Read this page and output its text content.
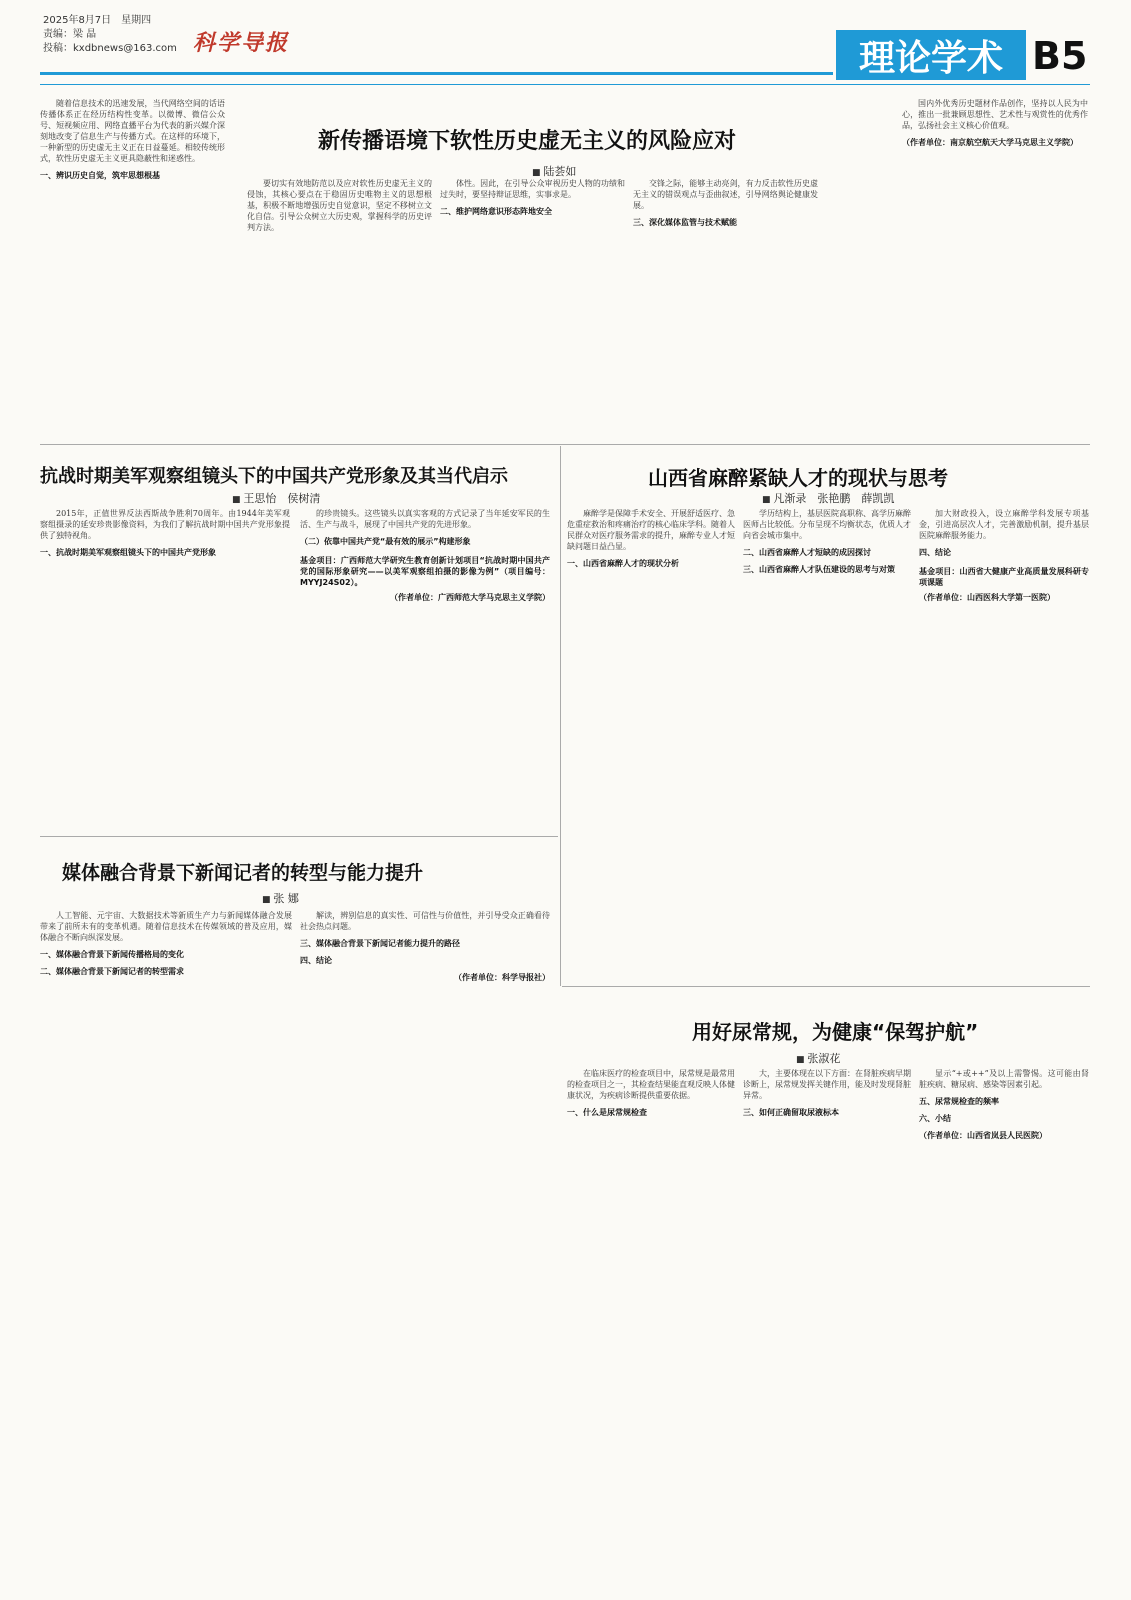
2025年8月7日　星期四
责编：梁 晶
投稿：kxdbnews@163.com 科学导报	理论学术 B5
新传播语境下软性历史虚无主义的风险应对
■ 陆荟如

随着信息技术的迅速发展，当代网络空间的话语传播体系正在经历结构性变革。以微博、微信公众号、短视频应用、网络直播平台为代表的新兴媒介深刻地改变了信息生产与传播方式。在这样的环境下，一种新型的历史虚无主义正在日益蔓延。相较传统形式，软性历史虚无主义更具隐蔽性和迷惑性。

一、辨识历史自觉，筑牢思想根基

要切实有效地防范以及应对软性历史虚无主义的侵蚀，其核心要点在于稳固历史唯物主义的思想根基，积极不断地增强历史自觉意识，坚定不移树立文化自信。引导公众树立大历史观，掌握科学的历史评判方法。

体性。因此，在引导公众审视历史人物的功绩和过失时，要坚持辩证思维，实事求是。

二、维护网络意识形态阵地安全

交锋之际，能够主动亮剑，有力反击软性历史虚无主义的错误观点与歪曲叙述，引导网络舆论健康发展。

三、深化媒体监管与技术赋能

国内外优秀历史题材作品创作，坚持以人民为中心，推出一批兼顾思想性、艺术性与观赏性的优秀作品，弘扬社会主义核心价值观。

（作者单位：南京航空航天大学马克思主义学院）
抗战时期美军观察组镜头下的中国共产党形象及其当代启示
■ 王思怡　侯树清

2015年，正值世界反法西斯战争胜利70周年。由1944年美军观察组摄录的延安珍贵影像资料，为我们了解抗战时期中国共产党形象提供了独特视角。

一、抗战时期美军观察组镜头下的中国共产党形象

的珍贵镜头。这些镜头以真实客观的方式记录了当年延安军民的生活、生产与战斗，展现了中国共产党的先进形象。

（二）依靠中国共产党“最有效的展示”构建形象
基金项目：广西师范大学研究生教育创新计划项目“抗战时期中国共产党的国际形象研究——以美军观察组拍摄的影像为例”（项目编号：MYYJ24S02）。
（作者单位：广西师范大学马克思主义学院）
山西省麻醉紧缺人才的现状与思考
■ 凡渐录　张艳鹏　薛凯凯

麻醉学是保障手术安全、开展舒适医疗、急危重症救治和疼痛治疗的核心临床学科。随着人民群众对医疗服务需求的提升，麻醉专业人才短缺问题日益凸显。

一、山西省麻醉人才的现状分析

学历结构上，基层医院高职称、高学历麻醉医师占比较低。分布呈现不均衡状态，优质人才向省会城市集中。

二、山西省麻醉人才短缺的成因探讨
三、山西省麻醉人才队伍建设的思考与对策

加大财政投入，设立麻醉学科发展专项基金，引进高层次人才，完善激励机制，提升基层医院麻醉服务能力。

四、结论
基金项目：山西省大健康产业高质量发展科研专项课题
（作者单位：山西医科大学第一医院）
媒体融合背景下新闻记者的转型与能力提升
■ 张 娜

人工智能、元宇宙、大数据技术等新质生产力与新闻媒体融合发展带来了前所未有的变革机遇。随着信息技术在传媒领域的普及应用，媒体融合不断向纵深发展。

一、媒体融合背景下新闻传播格局的变化
二、媒体融合背景下新闻记者的转型需求

解读，辨别信息的真实性、可信性与价值性，并引导受众正确看待社会热点问题。

三、媒体融合背景下新闻记者能力提升的路径
四、结论
（作者单位：科学导报社）
用好尿常规，为健康“保驾护航”
■ 张淑花

在临床医疗的检查项目中，尿常规是最常用的检查项目之一，其检查结果能直观反映人体健康状况，为疾病诊断提供重要依据。

一、什么是尿常规检查

大，主要体现在以下方面：在肾脏疾病早期诊断上，尿常规发挥关键作用，能及时发现肾脏异常。

三、如何正确留取尿液标本

显示“+或++”及以上需警惕。这可能由肾脏疾病、糖尿病、感染等因素引起。

五、尿常规检查的频率
六、小结
（作者单位：山西省岚县人民医院）
